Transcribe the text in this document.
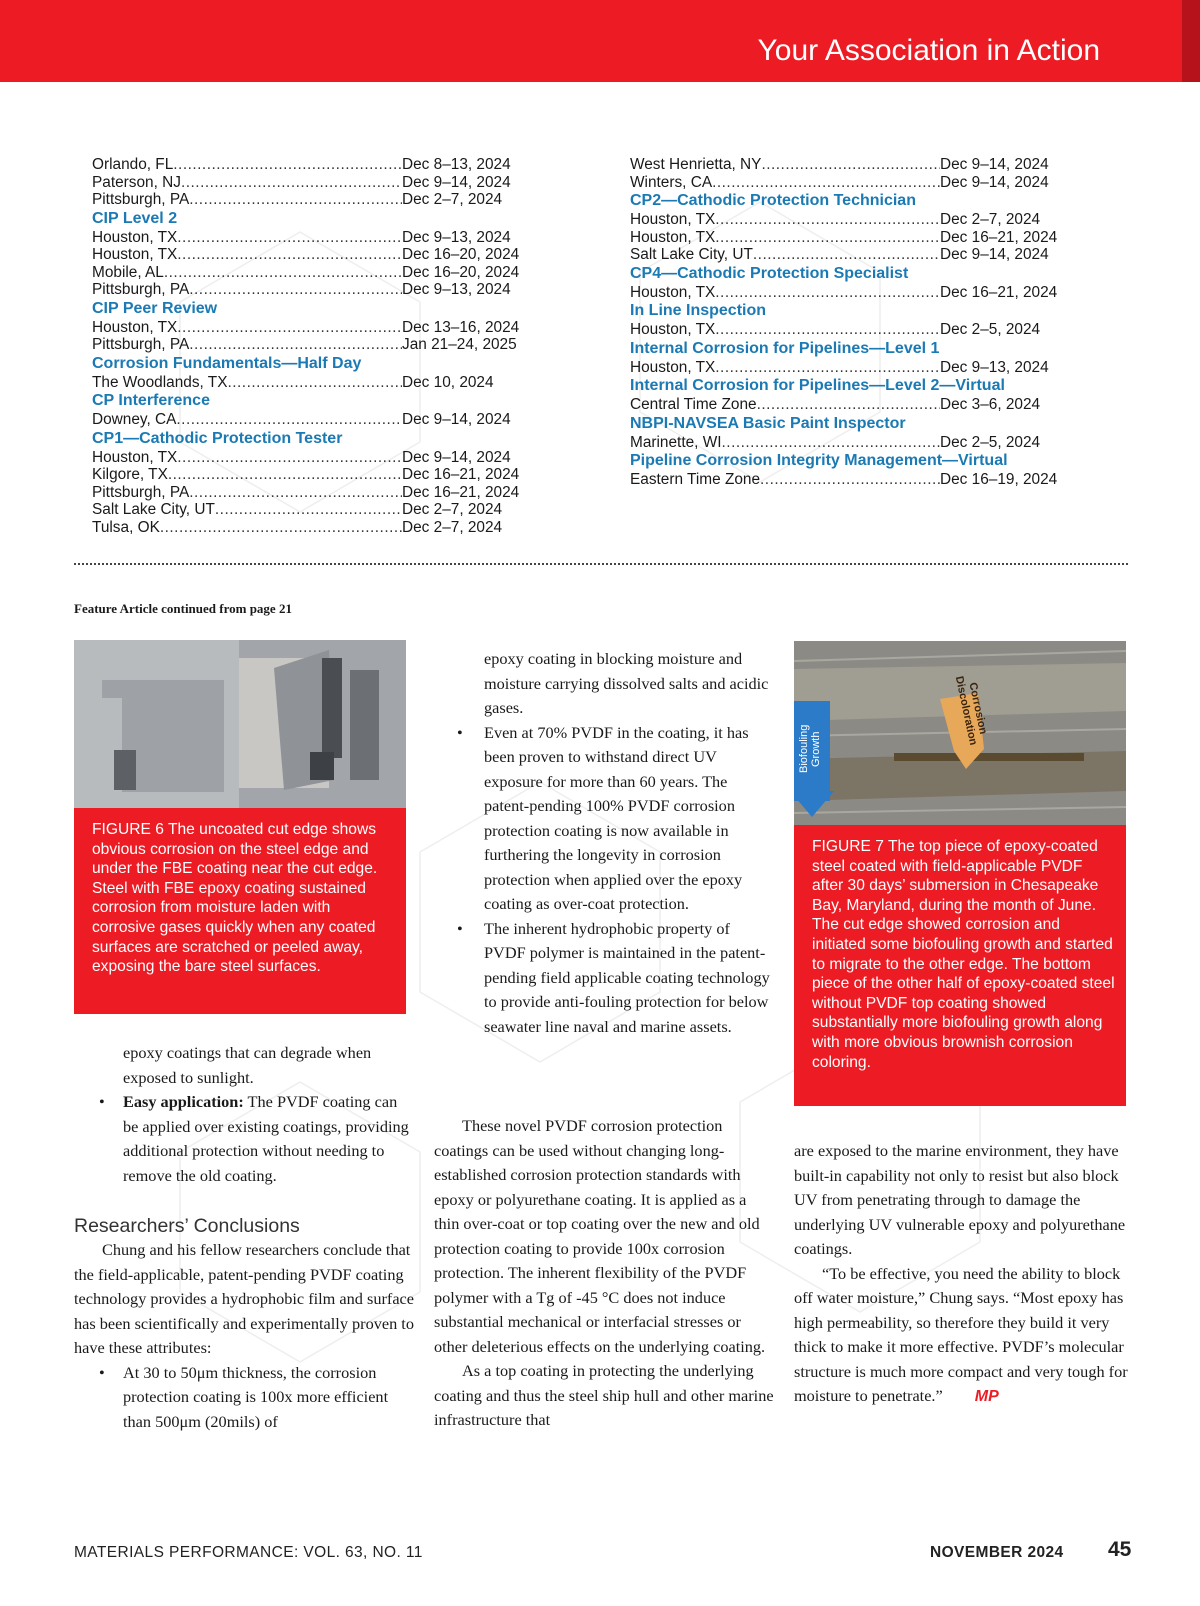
Your Association in Action
Orlando, FL .....	Dec 8–13, 2024
Paterson, NJ .....	Dec 9–14, 2024
Pittsburgh, PA .....	Dec 2–7, 2024
CIP Level 2
Houston, TX .....	Dec 9–13, 2024
Houston, TX .....	Dec 16–20, 2024
Mobile, AL .....	Dec 16–20, 2024
Pittsburgh, PA .....	Dec 9–13, 2024
CIP Peer Review
Houston, TX .....	Dec 13–16, 2024
Pittsburgh, PA .....	Jan 21–24, 2025
Corrosion Fundamentals—Half Day
The Woodlands, TX .....	Dec 10, 2024
CP Interference
Downey, CA .....	Dec 9–14, 2024
CP1—Cathodic Protection Tester
Houston, TX .....	Dec 9–14, 2024
Kilgore, TX .....	Dec 16–21, 2024
Pittsburgh, PA .....	Dec 16–21, 2024
Salt Lake City, UT .....	Dec 2–7, 2024
Tulsa, OK .....	Dec 2–7, 2024
West Henrietta, NY .....	Dec 9–14, 2024
Winters, CA .....	Dec 9–14, 2024
CP2—Cathodic Protection Technician
Houston, TX .....	Dec 2–7, 2024
Houston, TX .....	Dec 16–21, 2024
Salt Lake City, UT .....	Dec 9–14, 2024
CP4—Cathodic Protection Specialist
Houston, TX .....	Dec 16–21, 2024
In Line Inspection
Houston, TX .....	Dec 2–5, 2024
Internal Corrosion for Pipelines—Level 1
Houston, TX .....	Dec 9–13, 2024
Internal Corrosion for Pipelines—Level 2—Virtual
Central Time Zone .....	Dec 3–6, 2024
NBPI-NAVSEA Basic Paint Inspector
Marinette, WI .....	Dec 2–5, 2024
Pipeline Corrosion Integrity Management—Virtual
Eastern Time Zone .....	Dec 16–19, 2024
Feature Article continued from page 21
FIGURE 6 The uncoated cut edge shows obvious corrosion on the steel edge and under the FBE coating near the cut edge. Steel with FBE epoxy coating sustained corrosion from moisture laden with corrosive gases quickly when any coated surfaces are scratched or peeled away, exposing the bare steel surfaces.
Biofouling Growth
Corrosion Discoloration
FIGURE 7 The top piece of epoxy-coated steel coated with field-applicable PVDF after 30 days’ submersion in Chesapeake Bay, Maryland, during the month of June. The cut edge showed corrosion and initiated some biofouling growth and started to migrate to the other edge. The bottom piece of the other half of epoxy-coated steel without PVDF top coating showed substantially more biofouling growth along with more obvious brownish corrosion coloring.
epoxy coating in blocking moisture and moisture carrying dissolved salts and acidic gases.
• Even at 70% PVDF in the coating, it has been proven to withstand direct UV exposure for more than 60 years. The patent-pending 100% PVDF corrosion protection coating is now available in furthering the longevity in corrosion protection when applied over the epoxy coating as over-coat protection.
• The inherent hydrophobic property of PVDF polymer is maintained in the patent-pending field applicable coating technology to provide anti-fouling protection for below seawater line naval and marine assets.
epoxy coatings that can degrade when exposed to sunlight.
• Easy application: The PVDF coating can be applied over existing coatings, providing additional protection without needing to remove the old coating.
Researchers’ Conclusions

Chung and his fellow researchers conclude that the field-applicable, patent-pending PVDF coating technology provides a hydrophobic film and surface has been scientifically and experimentally proven to have these attributes:

• At 30 to 50μm thickness, the corrosion protection coating is 100x more efficient than 500μm (20mils) of

These novel PVDF corrosion protection coatings can be used without changing long-established corrosion protection standards with epoxy or polyurethane coating. It is applied as a thin over-coat or top coating over the new and old protection coating to provide 100x corrosion protection. The inherent flexibility of the PVDF polymer with a Tg of -45 °C does not induce substantial mechanical or interfacial stresses or other deleterious effects on the underlying coating.

As a top coating in protecting the underlying coating and thus the steel ship hull and other marine infrastructure that

are exposed to the marine environment, they have built-in capability not only to resist but also block UV from penetrating through to damage the underlying UV vulnerable epoxy and polyurethane coatings.

“To be effective, you need the ability to block off water moisture,” Chung says. “Most epoxy has high permeability, so therefore they build it very thick to make it more effective. PVDF’s molecular structure is much more compact and very tough for moisture to penetrate.” MP

MATERIALS PERFORMANCE: VOL. 63, NO. 11	NOVEMBER 2024 45
